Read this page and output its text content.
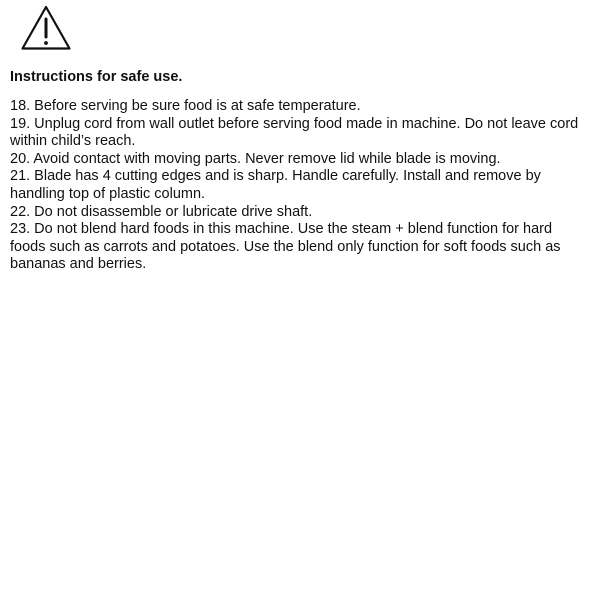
Instructions for safe use.
18. Before serving be sure food is at safe temperature.
19. Unplug cord from wall outlet before serving food made in machine. Do not leave cord within child’s reach.
20. Avoid contact with moving parts. Never remove lid while blade is moving.
21. Blade has 4 cutting edges and is sharp. Handle carefully. Install and remove by handling top of plastic column.
22. Do not disassemble or lubricate drive shaft.
23. Do not blend hard foods in this machine. Use the steam + blend function for hard foods such as carrots and potatoes. Use the blend only function for soft foods such as bananas and berries.
